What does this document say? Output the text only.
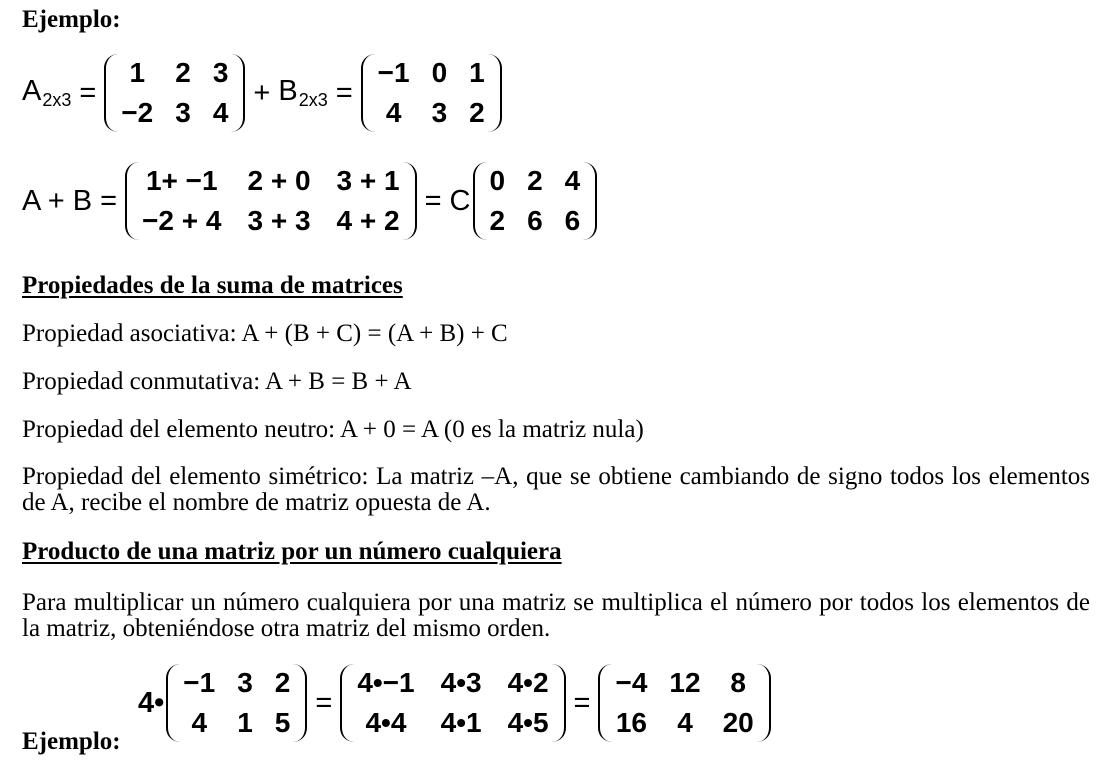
Ejemplo:
$A_{2x3}$ =
1 2 3
−2 3 4
+ $B_{2x3}$ =
−1 0 1
4 3 2
A + B =
1+ −1 2 + 0 3 + 1
−2 + 4 3 + 3 4 + 2
= C
0 2 4
2 6 6
Propiedades de la suma de matrices
Propiedad asociativa: A + (B + C) = (A + B) + C
Propiedad conmutativa: A + B = B + A
Propiedad del elemento neutro: A + 0 = A (0 es la matriz nula)
Propiedad del elemento simétrico: La matriz –A, que se obtiene cambiando de signo todos los elementos de A, recibe el nombre de matriz opuesta de A.
Producto de una matriz por un número cualquiera
Para multiplicar un número cualquiera por una matriz se multiplica el número por todos los elementos de la matriz, obteniéndose otra matriz del mismo orden.
Ejemplo:
4•
−1 3 2
4 1 5
=
4•−1 4•3 4•2
4•4 4•1 4•5
=
−4 12 8
16 4 20
